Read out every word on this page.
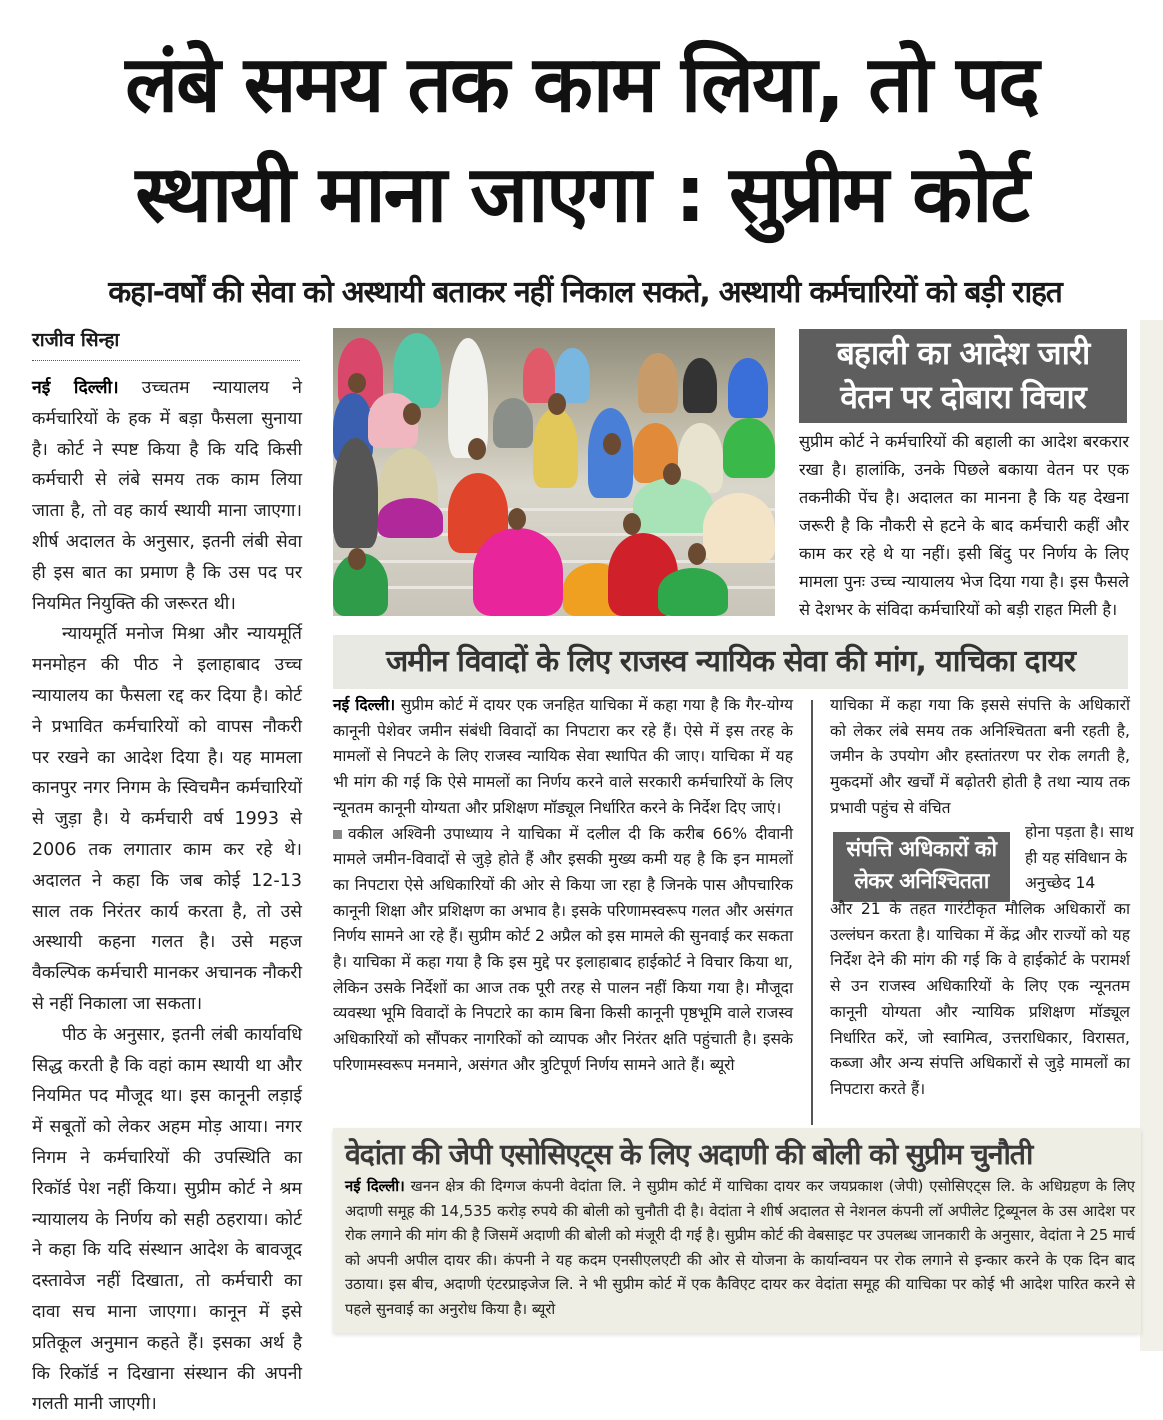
लंबे समय तक काम लिया, तो पद
स्थायी माना जाएगा : सुप्रीम कोर्ट
कहा-वर्षों की सेवा को अस्थायी बताकर नहीं निकाल सकते, अस्थायी कर्मचारियों को बड़ी राहत
राजीव सिन्हा

नई दिल्ली। उच्चतम न्यायालय ने कर्मचारियों के हक में बड़ा फैसला सुनाया है। कोर्ट ने स्पष्ट किया है कि यदि किसी कर्मचारी से लंबे समय तक काम लिया जाता है, तो वह कार्य स्थायी माना जाएगा। शीर्ष अदालत के अनुसार, इतनी लंबी सेवा ही इस बात का प्रमाण है कि उस पद पर नियमित नियुक्ति की जरूरत थी।

न्यायमूर्ति मनोज मिश्रा और न्यायमूर्ति मनमोहन की पीठ ने इलाहाबाद उच्च न्यायालय का फैसला रद्द कर दिया है। कोर्ट ने प्रभावित कर्मचारियों को वापस नौकरी पर रखने का आदेश दिया है। यह मामला कानपुर नगर निगम के स्विचमैन कर्मचारियों से जुड़ा है। ये कर्मचारी वर्ष 1993 से 2006 तक लगातार काम कर रहे थे। अदालत ने कहा कि जब कोई 12-13 साल तक निरंतर कार्य करता है, तो उसे अस्थायी कहना गलत है। उसे महज वैकल्पिक कर्मचारी मानकर अचानक नौकरी से नहीं निकाला जा सकता।

पीठ के अनुसार, इतनी लंबी कार्यावधि सिद्ध करती है कि वहां काम स्थायी था और नियमित पद मौजूद था। इस कानूनी लड़ाई में सबूतों को लेकर अहम मोड़ आया। नगर निगम ने कर्मचारियों की उपस्थिति का रिकॉर्ड पेश नहीं किया। सुप्रीम कोर्ट ने श्रम न्यायालय के निर्णय को सही ठहराया। कोर्ट ने कहा कि यदि संस्थान आदेश के बावजूद दस्तावेज नहीं दिखाता, तो कर्मचारी का दावा सच माना जाएगा। कानून में इसे प्रतिकूल अनुमान कहते हैं। इसका अर्थ है कि रिकॉर्ड न दिखाना संस्थान की अपनी गलती मानी जाएगी।

बहाली का आदेश जारी
वेतन पर दोबारा विचार
सुप्रीम कोर्ट ने कर्मचारियों की बहाली का आदेश बरकरार रखा है। हालांकि, उनके पिछले बकाया वेतन पर एक तकनीकी पेंच है। अदालत का मानना है कि यह देखना जरूरी है कि नौकरी से हटने के बाद कर्मचारी कहीं और काम कर रहे थे या नहीं। इसी बिंदु पर निर्णय के लिए मामला पुनः उच्च न्यायालय भेज दिया गया है। इस फैसले से देशभर के संविदा कर्मचारियों को बड़ी राहत मिली है।
जमीन विवादों के लिए राजस्व न्यायिक सेवा की मांग, याचिका दायर

नई दिल्ली। सुप्रीम कोर्ट में दायर एक जनहित याचिका में कहा गया है कि गैर-योग्य कानूनी पेशेवर जमीन संबंधी विवादों का निपटारा कर रहे हैं। ऐसे में इस तरह के मामलों से निपटने के लिए राजस्व न्यायिक सेवा स्थापित की जाए। याचिका में यह भी मांग की गई कि ऐसे मामलों का निर्णय करने वाले सरकारी कर्मचारियों के लिए न्यूनतम कानूनी योग्यता और प्रशिक्षण मॉड्यूल निर्धारित करने के निर्देश दिए जाएं।

वकील अश्विनी उपाध्याय ने याचिका में दलील दी कि करीब 66% दीवानी मामले जमीन-विवादों से जुड़े होते हैं और इसकी मुख्य कमी यह है कि इन मामलों का निपटारा ऐसे अधिकारियों की ओर से किया जा रहा है जिनके पास औपचारिक कानूनी शिक्षा और प्रशिक्षण का अभाव है। इसके परिणामस्वरूप गलत और असंगत निर्णय सामने आ रहे हैं। सुप्रीम कोर्ट 2 अप्रैल को इस मामले की सुनवाई कर सकता है। याचिका में कहा गया है कि इस मुद्दे पर इलाहाबाद हाईकोर्ट ने विचार किया था, लेकिन उसके निर्देशों का आज तक पूरी तरह से पालन नहीं किया गया है। मौजूदा व्यवस्था भूमि विवादों के निपटारे का काम बिना किसी कानूनी पृष्ठभूमि वाले राजस्व अधिकारियों को सौंपकर नागरिकों को व्यापक और निरंतर क्षति पहुंचाती है। इसके परिणामस्वरूप मनमाने, असंगत और त्रुटिपूर्ण निर्णय सामने आते हैं। ब्यूरो

याचिका में कहा गया कि इससे संपत्ति के अधिकारों को लेकर लंबे समय तक अनिश्चितता बनी रहती है, जमीन के उपयोग और हस्तांतरण पर रोक लगती है, मुकदमों और खर्चों में बढ़ोतरी होती है तथा न्याय तक प्रभावी पहुंच से वंचित

संपत्ति अधिकारों को
लेकर अनिश्चितता
होना पड़ता है। साथ ही यह संविधान के अनुच्छेद 14
और 21 के तहत गारंटीकृत मौलिक अधिकारों का उल्लंघन करता है। याचिका में केंद्र और राज्यों को यह निर्देश देने की मांग की गई कि वे हाईकोर्ट के परामर्श से उन राजस्व अधिकारियों के लिए एक न्यूनतम कानूनी योग्यता और न्यायिक प्रशिक्षण मॉड्यूल निर्धारित करें, जो स्वामित्व, उत्तराधिकार, विरासत, कब्जा और अन्य संपत्ति अधिकारों से जुड़े मामलों का निपटारा करते हैं।
वेदांता की जेपी एसोसिएट्स के लिए अदाणी की बोली को सुप्रीम चुनौती
नई दिल्ली। खनन क्षेत्र की दिग्गज कंपनी वेदांता लि. ने सुप्रीम कोर्ट में याचिका दायर कर जयप्रकाश (जेपी) एसोसिएट्स लि. के अधिग्रहण के लिए अदाणी समूह की 14,535 करोड़ रुपये की बोली को चुनौती दी है। वेदांता ने शीर्ष अदालत से नेशनल कंपनी लॉ अपीलेट ट्रिब्यूनल के उस आदेश पर रोक लगाने की मांग की है जिसमें अदाणी की बोली को मंजूरी दी गई है। सुप्रीम कोर्ट की वेबसाइट पर उपलब्ध जानकारी के अनुसार, वेदांता ने 25 मार्च को अपनी अपील दायर की। कंपनी ने यह कदम एनसीएलएटी की ओर से योजना के कार्यान्वयन पर रोक लगाने से इन्कार करने के एक दिन बाद उठाया। इस बीच, अदाणी एंटरप्राइजेज लि. ने भी सुप्रीम कोर्ट में एक कैविएट दायर कर वेदांता समूह की याचिका पर कोई भी आदेश पारित करने से पहले सुनवाई का अनुरोध किया है। ब्यूरो
